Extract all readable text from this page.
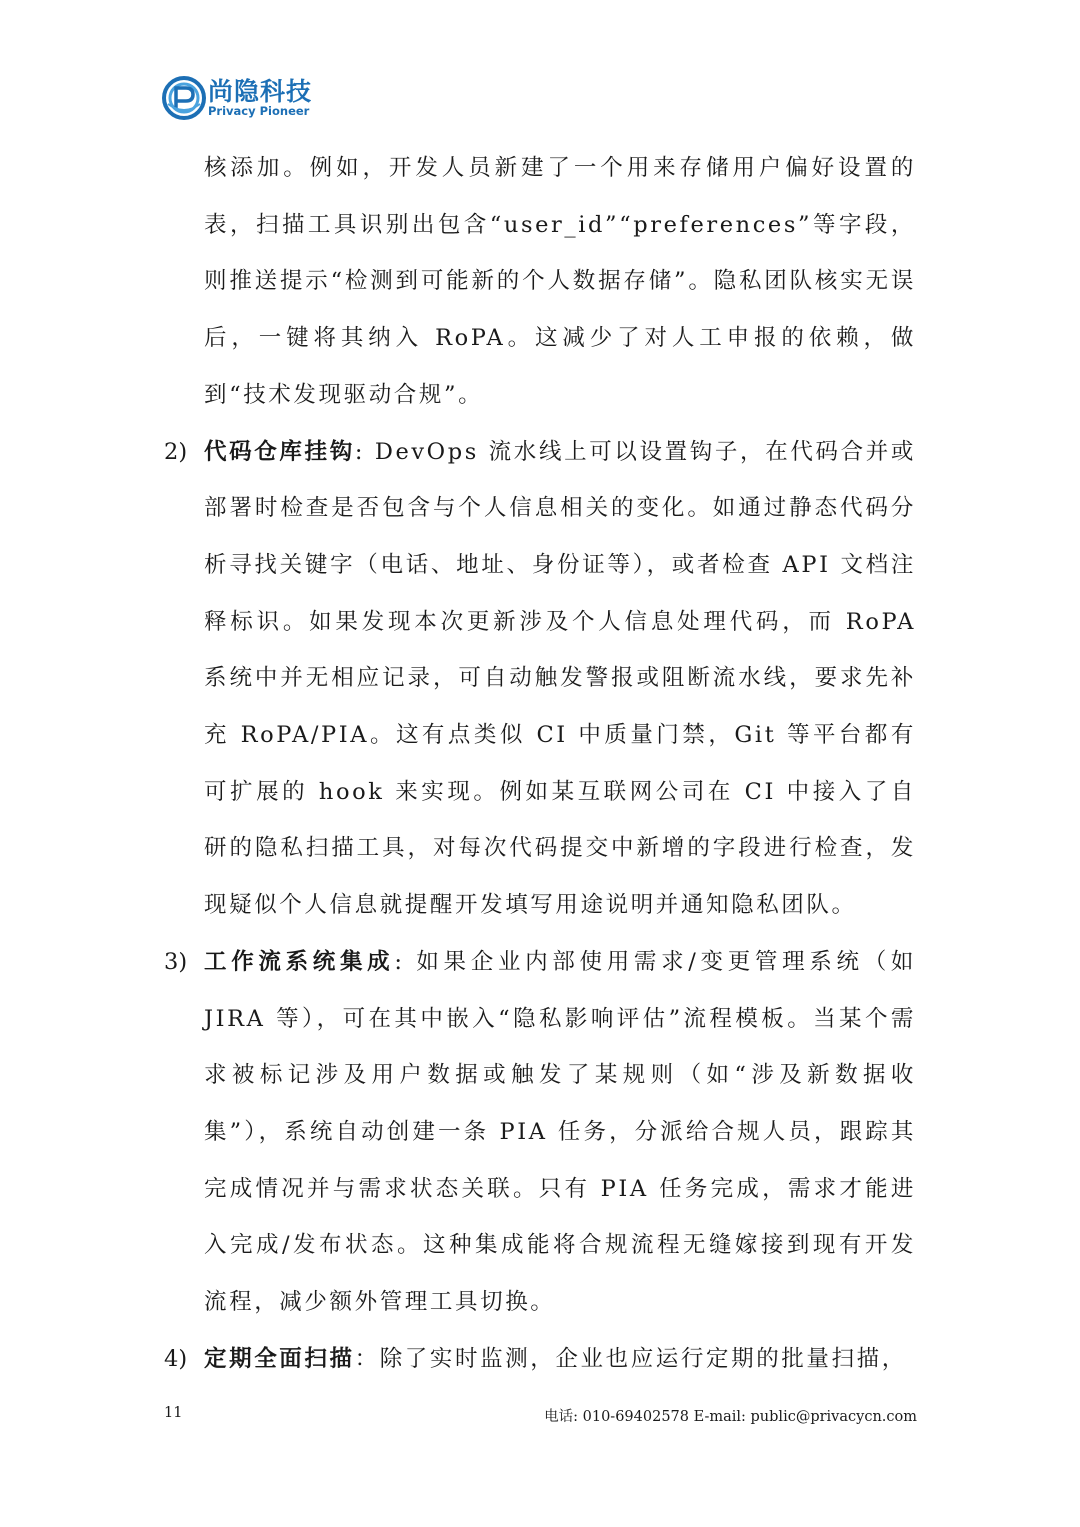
尚隐科技
Privacy Pioneer
核添加。例如，开发人员新建了一个用来存储用户偏好设置的表，扫描工具识别出包含“user_id”“preferences”等字段，则推送提示“检测到可能新的个人数据存储”。隐私团队核实无误后，一键将其纳入 RoPA。这减少了对人工申报的依赖，做到“技术发现驱动合规”。
2) 代码仓库挂钩: DevOps 流水线上可以设置钩子，在代码合并或部署时检查是否包含与个人信息相关的变化。如通过静态代码分析寻找关键字（电话、地址、身份证等），或者检查 API 文档注释标识。如果发现本次更新涉及个人信息处理代码，而 RoPA 系统中并无相应记录，可自动触发警报或阻断流水线，要求先补充 RoPA/PIA。这有点类似 CI 中质量门禁，Git 等平台都有可扩展的 hook 来实现。例如某互联网公司在 CI 中接入了自研的隐私扫描工具，对每次代码提交中新增的字段进行检查，发现疑似个人信息就提醒开发填写用途说明并通知隐私团队。
3) 工作流系统集成: 如果企业内部使用需求/变更管理系统（如 JIRA 等），可在其中嵌入“隐私影响评估”流程模板。当某个需求被标记涉及用户数据或触发了某规则（如“涉及新数据收集”），系统自动创建一条 PIA 任务，分派给合规人员，跟踪其完成情况并与需求状态关联。只有 PIA 任务完成，需求才能进入完成/发布状态。这种集成能将合规流程无缝嫁接到现有开发流程，减少额外管理工具切换。
4) 定期全面扫描：除了实时监测，企业也应运行定期的批量扫描，
11	电话: 010-69402578 E-mail: public@privacycn.com
